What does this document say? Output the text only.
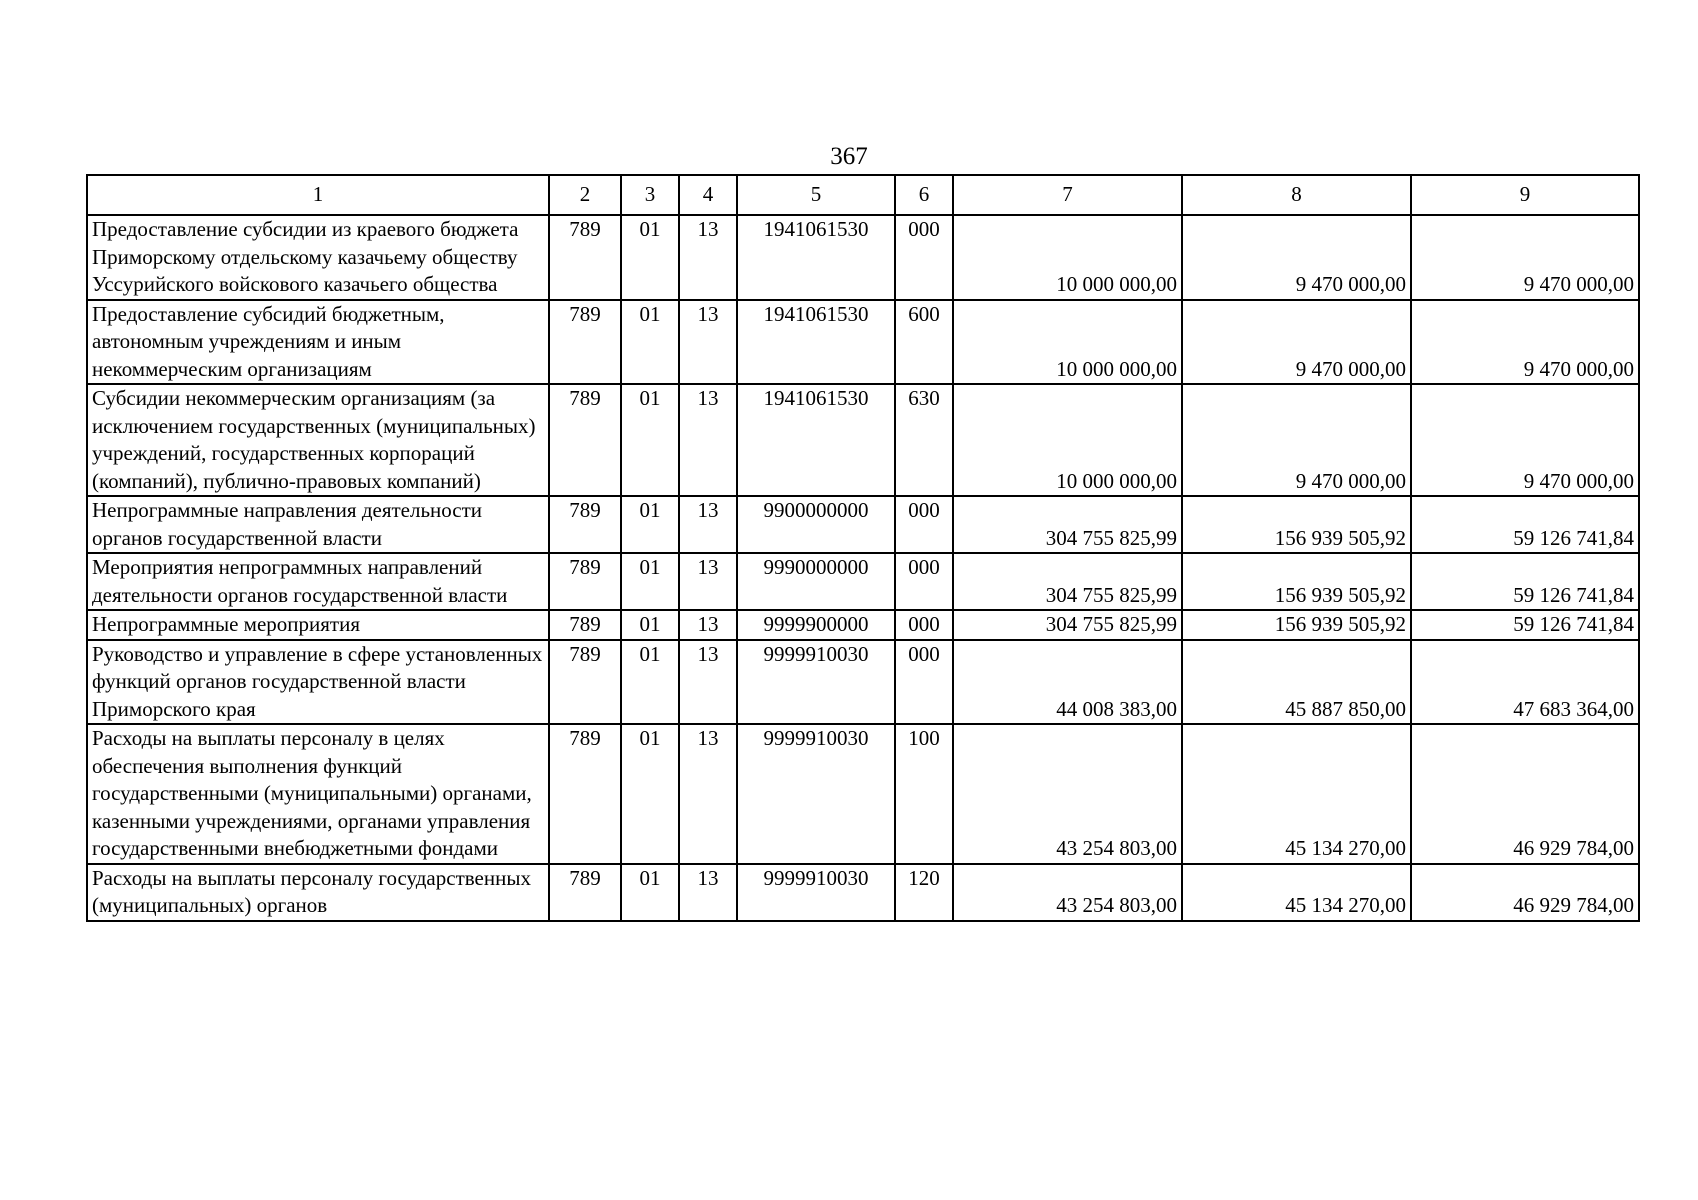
367
1	2	3	4	5	6	7	8	9
Предоставление субсидии из краевого бюджета Приморскому отдельскому казачьему обществу Уссурийского войскового казачьего общества	789	01	13	1941061530	000	10 000 000,00	9 470 000,00	9 470 000,00
Предоставление субсидий бюджетным, автономным учреждениям и иным некоммерческим организациям	789	01	13	1941061530	600	10 000 000,00	9 470 000,00	9 470 000,00
Субсидии некоммерческим организациям (за исключением государственных (муниципальных) учреждений, государственных корпораций (компаний), публично-правовых компаний)	789	01	13	1941061530	630	10 000 000,00	9 470 000,00	9 470 000,00
Непрограммные направления деятельности органов государственной власти	789	01	13	9900000000	000	304 755 825,99	156 939 505,92	59 126 741,84
Мероприятия непрограммных направлений деятельности органов государственной власти	789	01	13	9990000000	000	304 755 825,99	156 939 505,92	59 126 741,84
Непрограммные мероприятия	789	01	13	9999900000	000	304 755 825,99	156 939 505,92	59 126 741,84
Руководство и управление в сфере установленных функций органов государственной власти Приморского края	789	01	13	9999910030	000	44 008 383,00	45 887 850,00	47 683 364,00
Расходы на выплаты персоналу в целях обеспечения выполнения функций государственными (муниципальными) органами, казенными учреждениями, органами управления государственными внебюджетными фондами	789	01	13	9999910030	100	43 254 803,00	45 134 270,00	46 929 784,00
Расходы на выплаты персоналу государственных (муниципальных) органов	789	01	13	9999910030	120	43 254 803,00	45 134 270,00	46 929 784,00
